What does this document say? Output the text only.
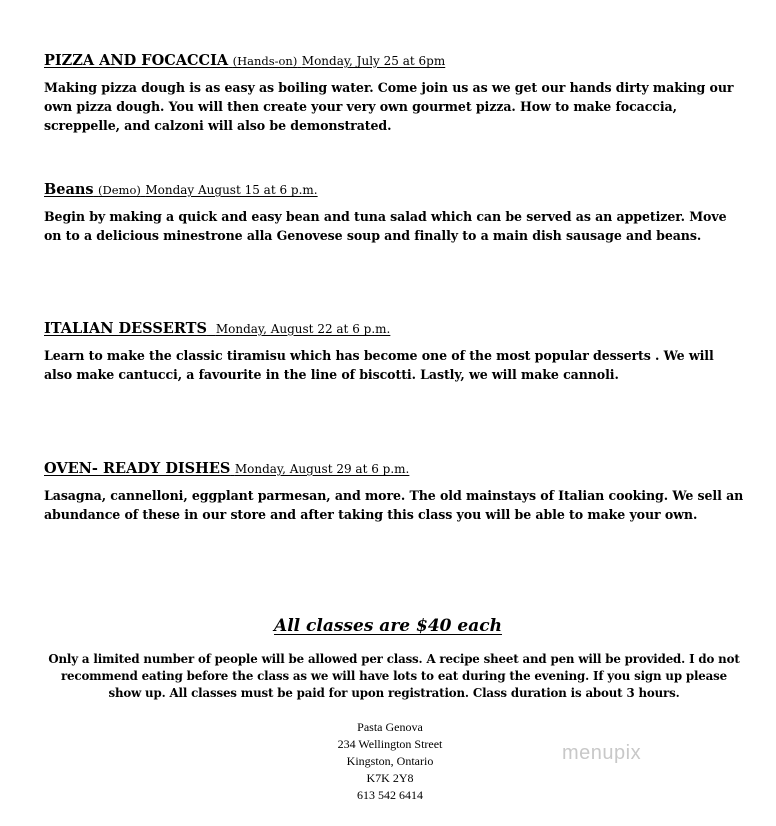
PIZZA AND FOCACCIA (Hands-on) Monday, July 25 at 6pm
Making pizza dough is as easy as boiling water. Come join us as we get our hands dirty making our own pizza dough. You will then create your very own gourmet pizza. How to make focaccia, screppelle, and calzoni will also be demonstrated.
Beans (Demo) Monday August 15 at 6 p.m.
Begin by making a quick and easy bean and tuna salad which can be served as an appetizer. Move on to a delicious minestrone alla Genovese soup and finally to a main dish sausage and beans.
ITALIAN DESSERTS Monday, August 22 at 6 p.m.
Learn to make the classic tiramisu which has become one of the most popular desserts . We will also make cantucci, a favourite in the line of biscotti. Lastly, we will make cannoli.
OVEN- READY DISHES Monday, August 29 at 6 p.m.
Lasagna, cannelloni, eggplant parmesan, and more. The old mainstays of Italian cooking. We sell an abundance of these in our store and after taking this class you will be able to make your own.
All classes are $40 each
Only a limited number of people will be allowed per class. A recipe sheet and pen will be provided. I do not recommend eating before the class as we will have lots to eat during the evening. If you sign up please show up. All classes must be paid for upon registration. Class duration is about 3 hours.
Pasta Genova
234 Wellington Street
Kingston, Ontario
K7K 2Y8
613 542 6414
menupix
